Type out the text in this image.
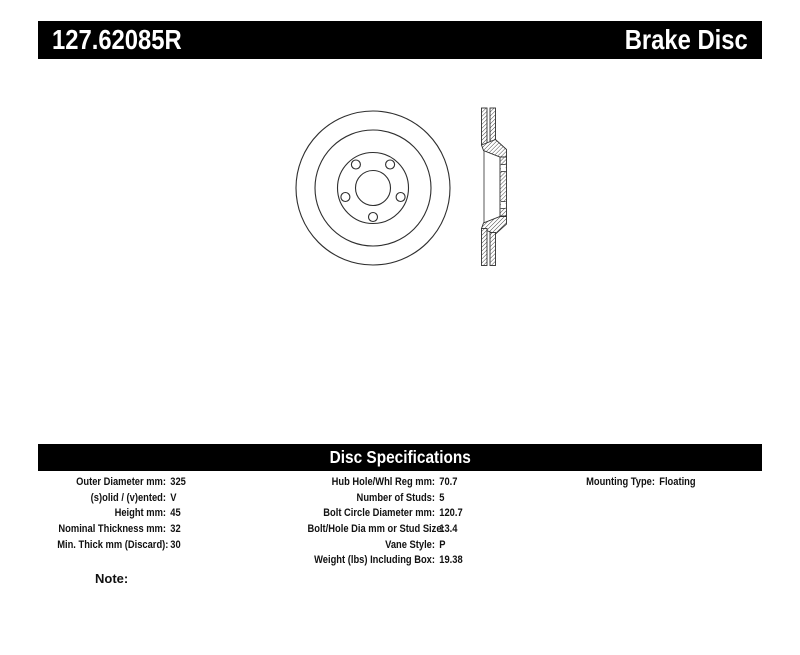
127.62085R	Brake Disc
Disc Specifications
Outer Diameter mm: 325
(s)olid / (v)ented: V
Height mm: 45
Nominal Thickness mm: 32
Min. Thick mm (Discard): 30
Hub Hole/Whl Reg mm: 70.7
Number of Studs: 5
Bolt Circle Diameter mm: 120.7
Bolt/Hole Dia mm or Stud Size:
13.4
Vane Style: P
Weight (lbs) Including Box: 19.38
Mounting Type: Floating
Note:
